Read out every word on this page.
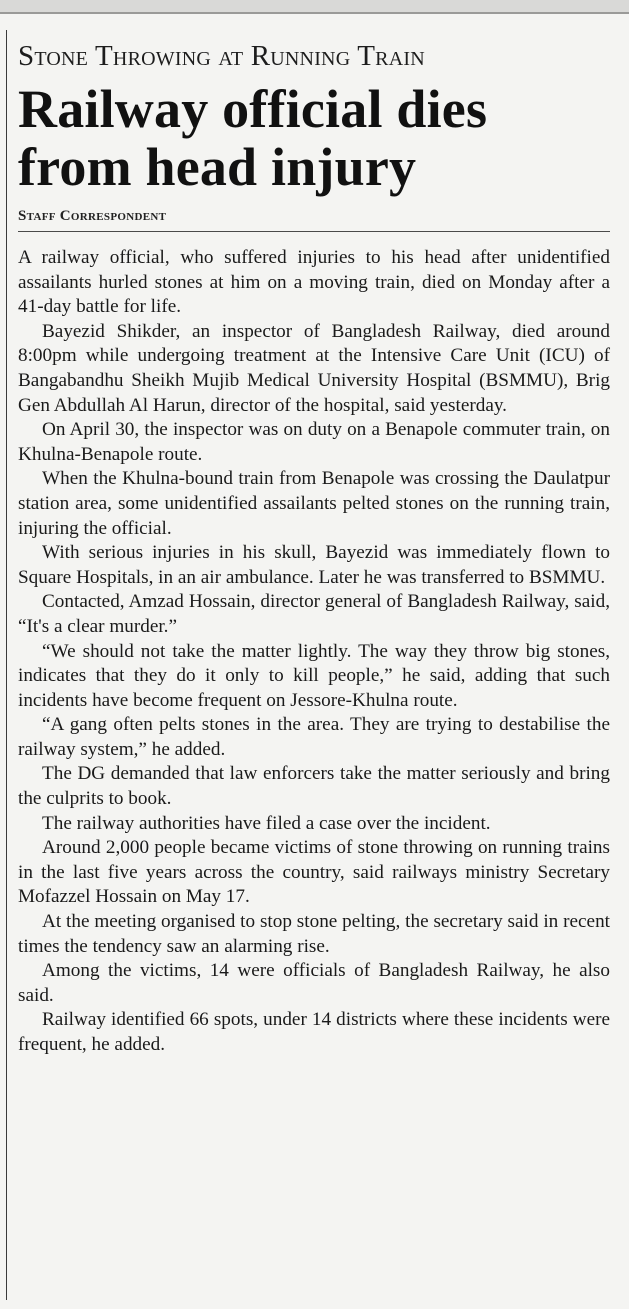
Stone Throwing at Running Train
Railway official dies from head injury
Staff Correspondent

A railway official, who suffered injuries to his head after unidentified assailants hurled stones at him on a moving train, died on Monday after a 41-day battle for life.

Bayezid Shikder, an inspector of Bangladesh Railway, died around 8:00pm while undergoing treatment at the Intensive Care Unit (ICU) of Bangabandhu Sheikh Mujib Medical University Hospital (BSMMU), Brig Gen Abdullah Al Harun, director of the hospital, said yesterday.

On April 30, the inspector was on duty on a Benapole commuter train, on Khulna-Benapole route.

When the Khulna-bound train from Benapole was crossing the Daulatpur station area, some unidentified assailants pelted stones on the running train, injuring the official.

With serious injuries in his skull, Bayezid was immediately flown to Square Hospitals, in an air ambulance. Later he was transferred to BSMMU.

Contacted, Amzad Hossain, director general of Bangladesh Railway, said, “It's a clear murder.”

“We should not take the matter lightly. The way they throw big stones, indicates that they do it only to kill people,” he said, adding that such incidents have become frequent on Jessore-Khulna route.

“A gang often pelts stones in the area. They are trying to destabilise the railway system,” he added.

The DG demanded that law enforcers take the matter seriously and bring the culprits to book.

The railway authorities have filed a case over the incident.

Around 2,000 people became victims of stone throwing on running trains in the last five years across the country, said railways ministry Secretary Mofazzel Hossain on May 17.

At the meeting organised to stop stone pelting, the secretary said in recent times the tendency saw an alarming rise.

Among the victims, 14 were officials of Bangladesh Railway, he also said.

Railway identified 66 spots, under 14 districts where these incidents were frequent, he added.
